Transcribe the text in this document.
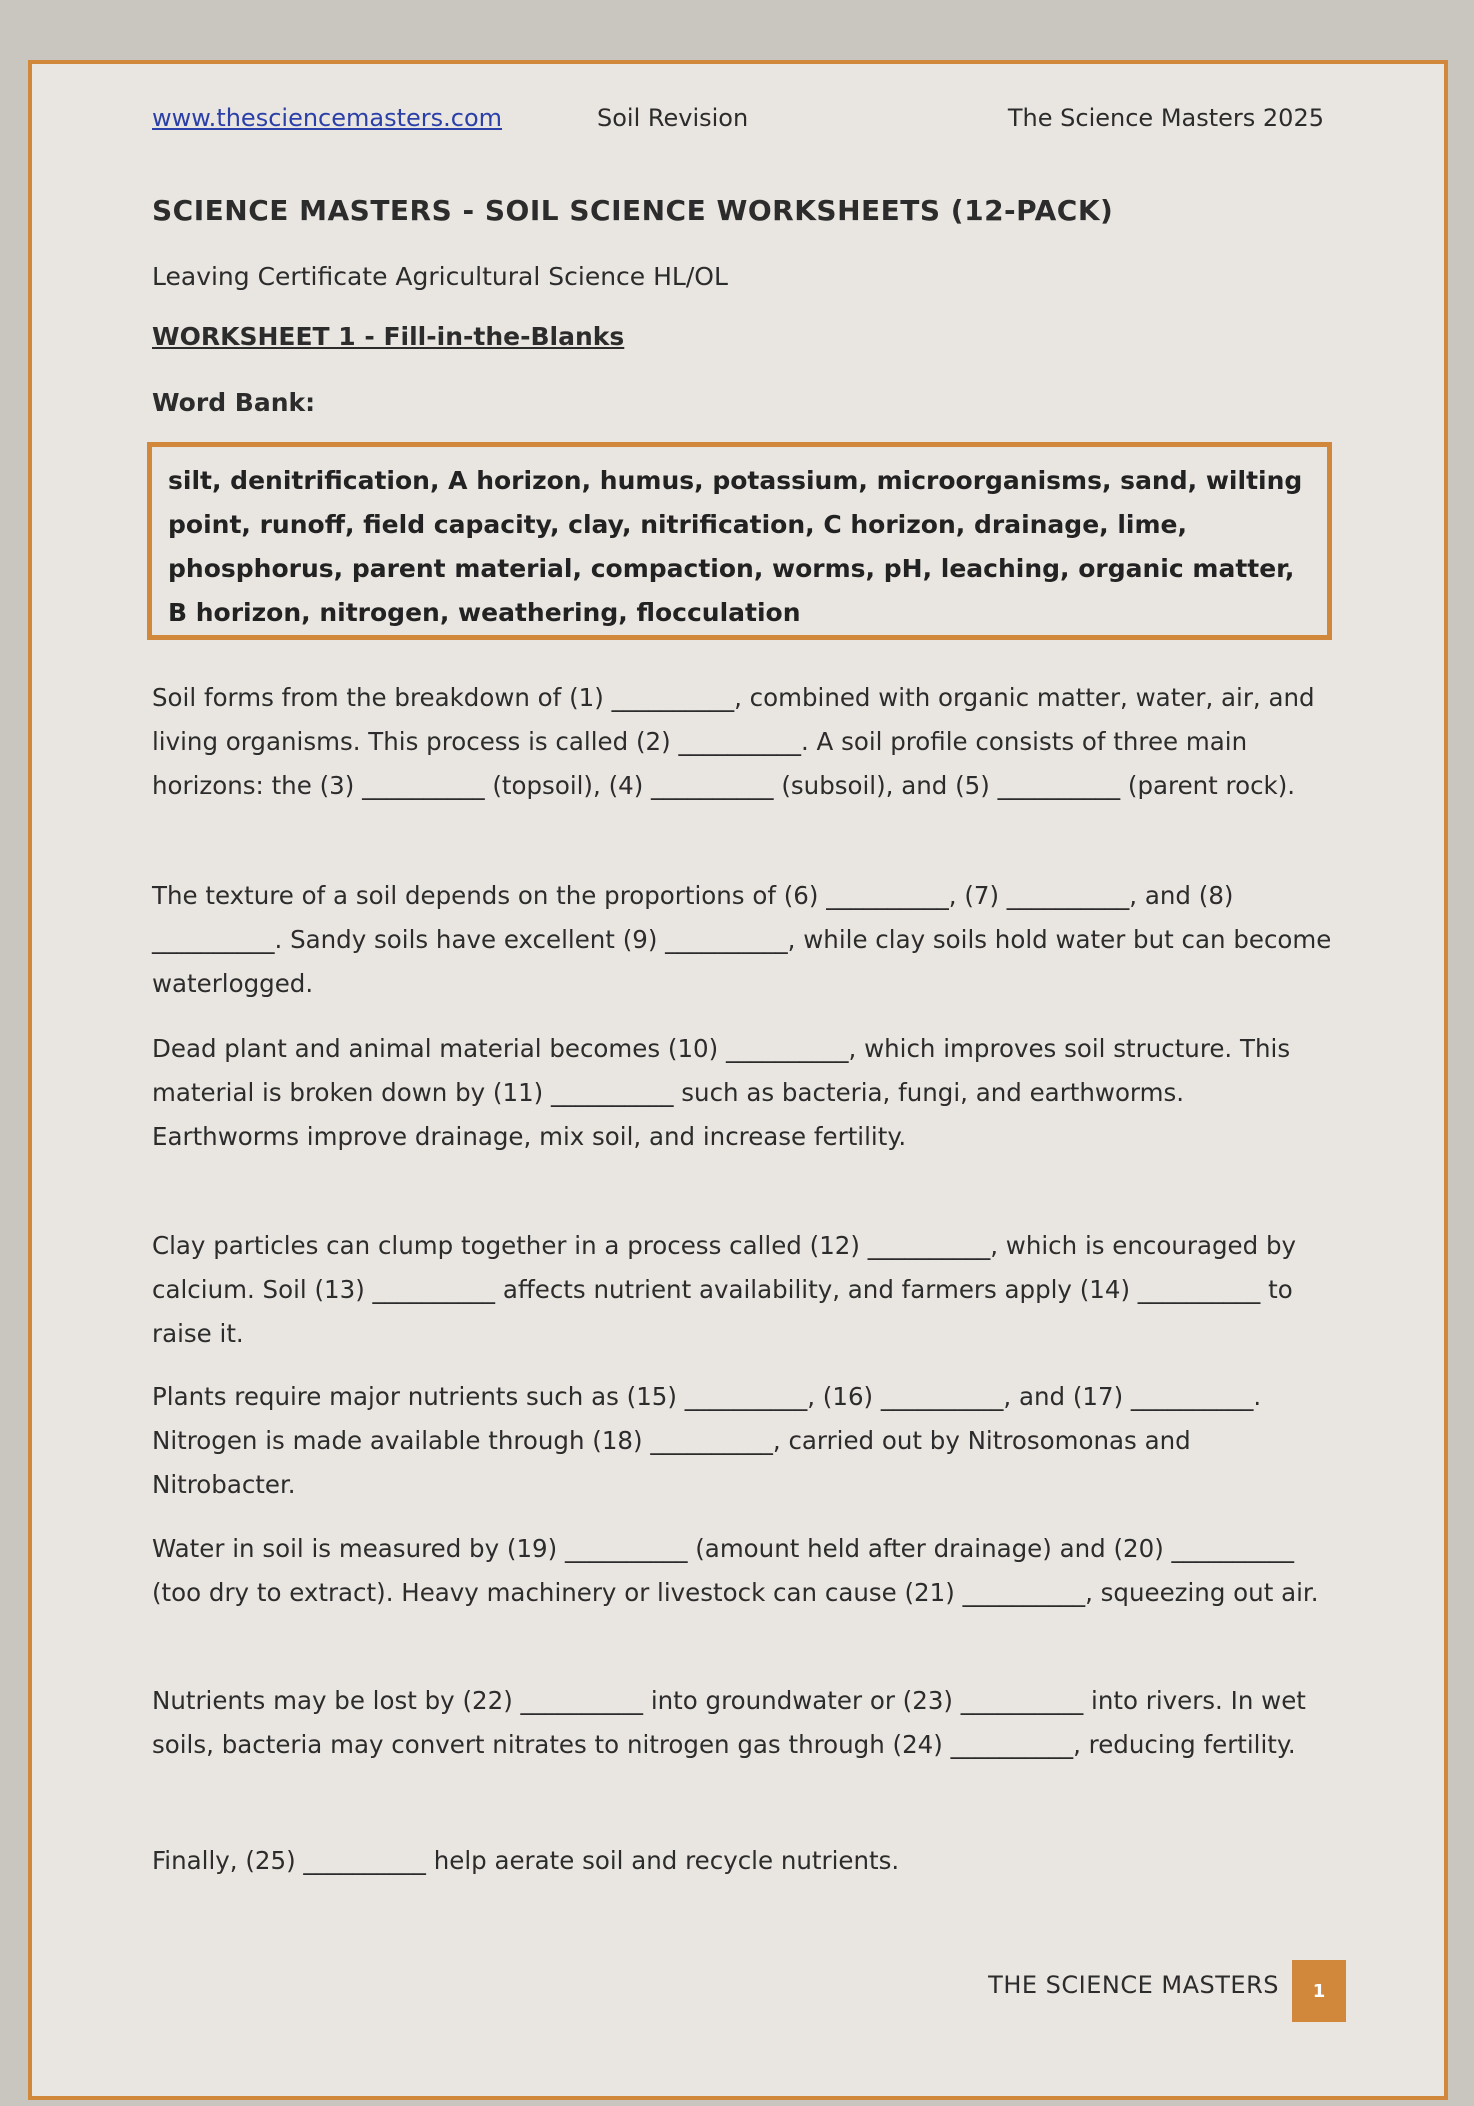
www.thesciencemasters.com	Soil Revision	The Science Masters 2025
SCIENCE MASTERS - SOIL SCIENCE WORKSHEETS (12-PACK)
Leaving Certificate Agricultural Science HL/OL
WORKSHEET 1 - Fill-in-the-Blanks
Word Bank:
silt, denitrification, A horizon, humus, potassium, microorganisms, sand, wilting point, runoff, field capacity, clay, nitrification, C horizon, drainage, lime, phosphorus, parent material, compaction, worms, pH, leaching, organic matter, B horizon, nitrogen, weathering, flocculation
Soil forms from the breakdown of (1) __________, combined with organic matter, water, air, and living organisms. This process is called (2) __________. A soil profile consists of three main horizons: the (3) __________ (topsoil), (4) __________ (subsoil), and (5) __________ (parent rock).
The texture of a soil depends on the proportions of (6) __________, (7) __________, and (8) __________. Sandy soils have excellent (9) __________, while clay soils hold water but can become waterlogged.
Dead plant and animal material becomes (10) __________, which improves soil structure. This material is broken down by (11) __________ such as bacteria, fungi, and earthworms. Earthworms improve drainage, mix soil, and increase fertility.
Clay particles can clump together in a process called (12) __________, which is encouraged by calcium. Soil (13) __________ affects nutrient availability, and farmers apply (14) __________ to raise it.
Plants require major nutrients such as (15) __________, (16) __________, and (17) __________. Nitrogen is made available through (18) __________, carried out by Nitrosomonas and Nitrobacter.
Water in soil is measured by (19) __________ (amount held after drainage) and (20) __________ (too dry to extract). Heavy machinery or livestock can cause (21) __________, squeezing out air.
Nutrients may be lost by (22) __________ into groundwater or (23) __________ into rivers. In wet soils, bacteria may convert nitrates to nitrogen gas through (24) __________, reducing fertility.
Finally, (25) __________ help aerate soil and recycle nutrients.
THE SCIENCE MASTERS	1
